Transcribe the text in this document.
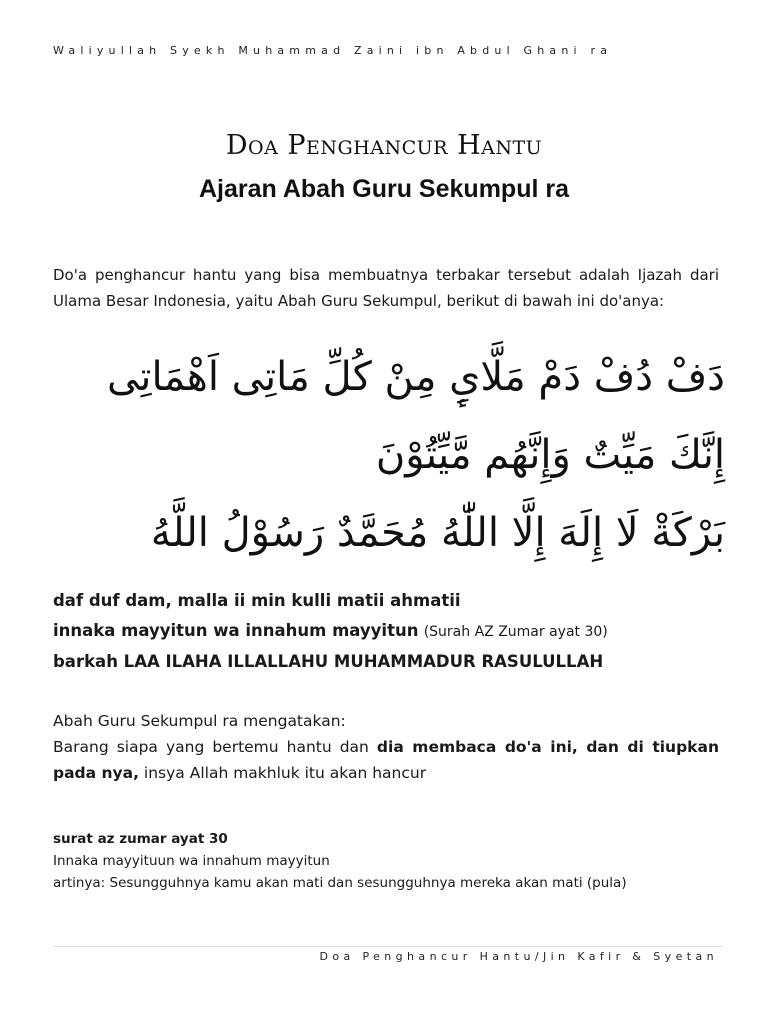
Waliyullah Syekh Muhammad Zaini ibn Abdul Ghani ra
Doa Penghancur Hantu
Ajaran Abah Guru Sekumpul ra

Do'a penghancur hantu yang bisa membuatnya terbakar tersebut adalah Ijazah dari Ulama Besar Indonesia, yaitu Abah Guru Sekumpul, berikut di bawah ini do'anya:

دَفْ دُفْ دَمْ مَلَّاىِٕ مِنْ كُلِّ مَاتِى اَهْمَاتِى

إِنَّكَ مَيِّتٌ وَإِنَّهُم مَّيِّتُوْنَ

بَرْكَةْ لَا إِلَهَ إِلَّا اللّٰهُ مُحَمَّدٌ رَسُوْلُ اللَّهُ

daf duf dam, malla ii min kulli matii ahmatii
innaka mayyitun wa innahum mayyitun (Surah AZ Zumar ayat 30)
barkah LAA ILAHA ILLALLAHU MUHAMMADUR RASULULLAH

Abah Guru Sekumpul ra mengatakan:

Barang siapa yang bertemu hantu dan dia membaca do'a ini, dan di tiupkan pada nya, insya Allah makhluk itu akan hancur

surat az zumar ayat 30
Innaka mayyituun wa innahum mayyitun
artinya: Sesungguhnya kamu akan mati dan sesungguhnya mereka akan mati (pula)
Doa Penghancur Hantu/Jin Kafir & Syetan
